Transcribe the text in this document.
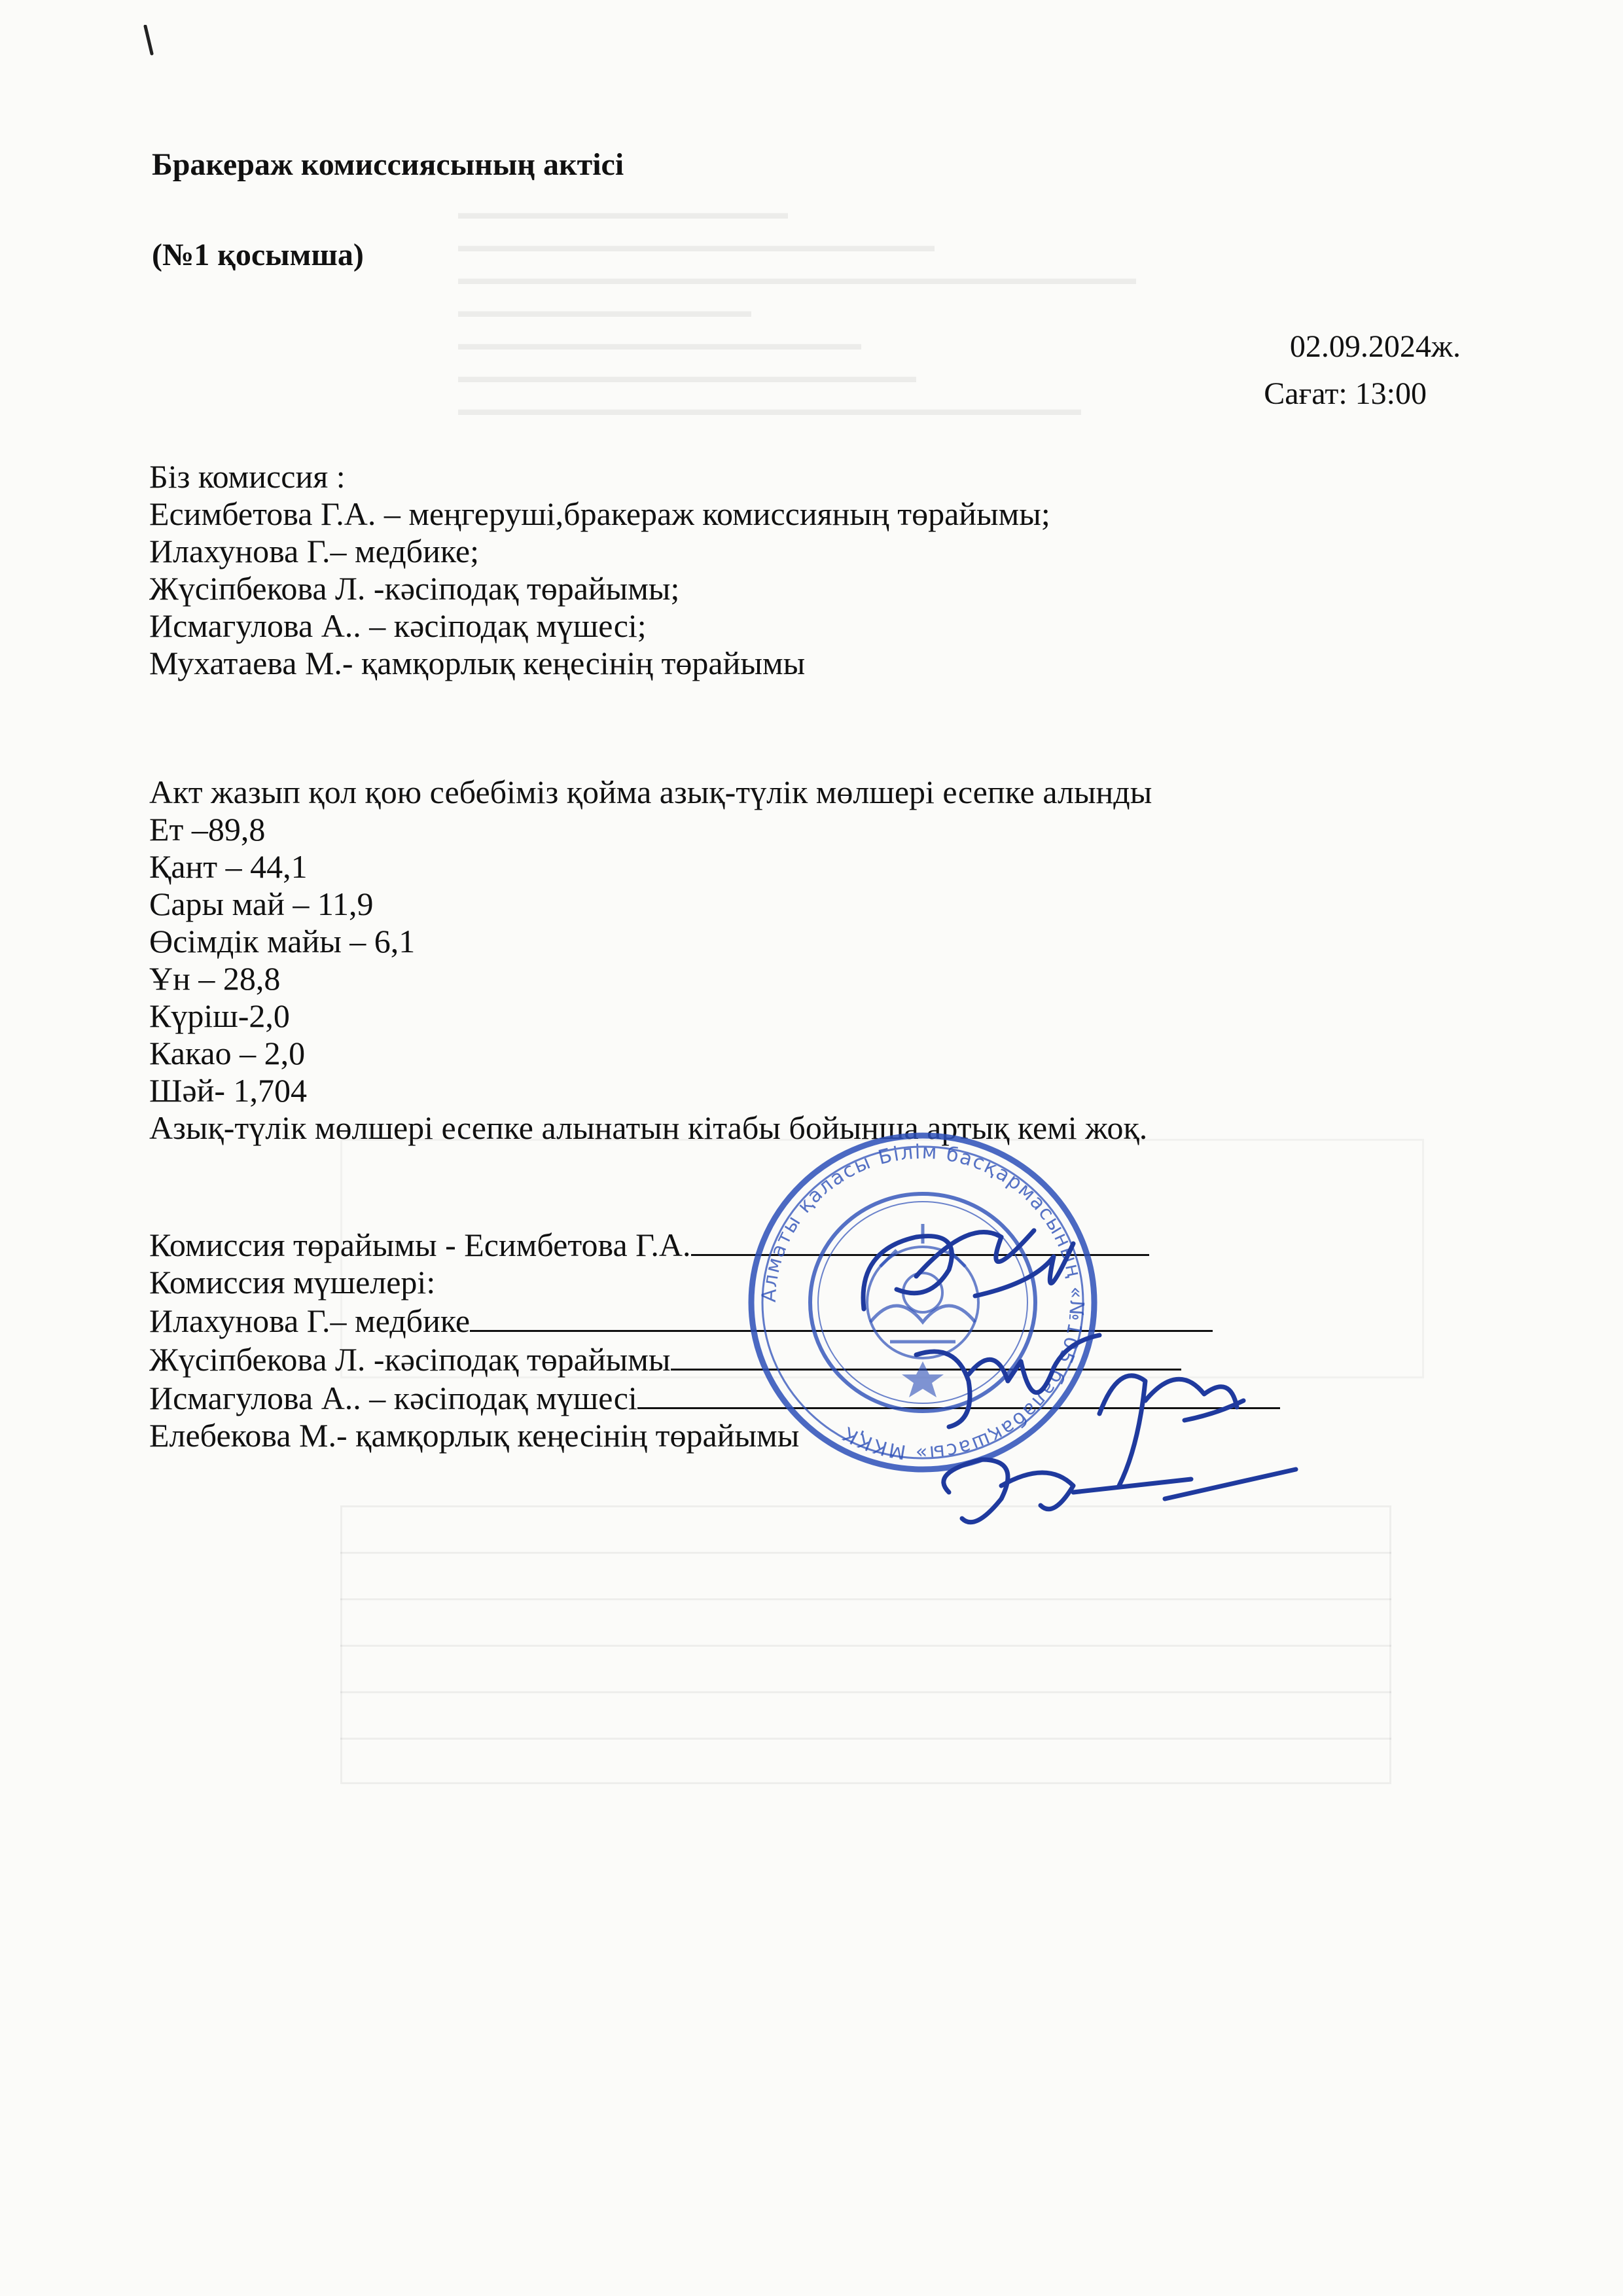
▬▬▬▬▬▬▬▬▬▬▬▬▬▬▬▬▬▬
▬▬▬▬▬▬▬▬▬▬▬▬▬▬▬▬▬▬▬▬▬▬▬▬▬▬
▬▬▬▬▬▬▬▬▬▬▬▬▬▬▬▬▬▬▬▬▬▬▬▬▬▬▬▬▬▬▬▬▬▬▬▬▬
▬▬▬▬▬▬▬▬▬▬▬▬▬▬▬▬
▬▬▬▬▬▬▬▬▬▬▬▬▬▬▬▬▬▬▬▬▬▬
▬▬▬▬▬▬▬▬▬▬▬▬▬▬▬▬▬▬▬▬▬▬▬▬▬
▬▬▬▬▬▬▬▬▬▬▬▬▬▬▬▬▬▬▬▬▬▬▬▬▬▬▬▬▬▬▬▬▬▬
Бракераж комиссиясының актісі
(№1 қосымша)
02.09.2024ж.
Сағат: 13:00
Біз комиссия :
Есимбетова Г.А. – меңгеруші,бракераж комиссияның төрайымы;
Илахунова Г.– медбике;
Жүсіпбекова Л. -кәсіподақ төрайымы;
Исмагулова А.. – кәсіподақ мүшесі;
Мухатаева М.- қамқорлық кеңесінің төрайымы
Акт жазып қол қою себебіміз қойма азық-түлік мөлшері есепке алынды
Ет –89,8
Қант – 44,1
Сары май – 11,9
Өсімдік майы – 6,1
Ұн – 28,8
Күріш-2,0
Какао – 2,0
Шәй- 1,704
Азық-түлік мөлшері есепке алынатын кітабы бойынша артық кемі жоқ.
Комиссия төрайымы - Есимбетова Г.А.
Комиссия мүшелері:
Илахунова Г.– медбике
Жүсіпбекова Л. -кәсіподақ төрайымы
Исмагулова А.. – кәсіподақ мүшесі
Елебекова М.- қамқорлық кеңесінің төрайымы
Алматы қаласы Білім басқармасының «№105 балабақшасы» МКҚК
